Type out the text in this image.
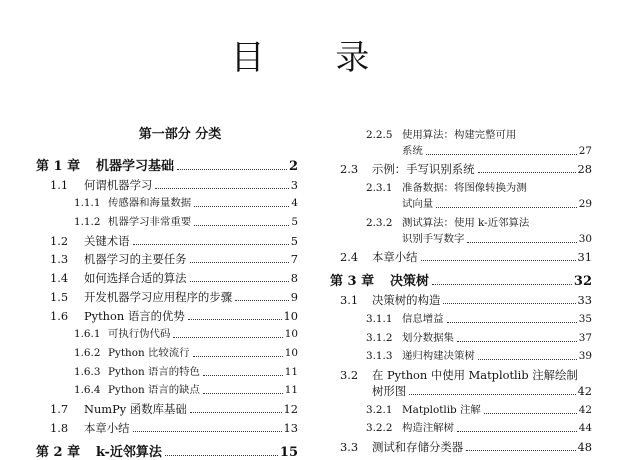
目 录
第一部分 分类
第 1 章	机器学习基础	2
1.1	何谓机器学习	3
1.1.1 传感器和海量数据	4
1.1.2 机器学习非常重要	5
1.2	关键术语	5
1.3	机器学习的主要任务	7
1.4	如何选择合适的算法	8
1.5	开发机器学习应用程序的步骤	9
1.6	Python 语言的优势	10
1.6.1 可执行伪代码	10
1.6.2 Python 比较流行	10
1.6.3 Python 语言的特色	11
1.6.4 Python 语言的缺点	11
1.7	NumPy 函数库基础	12
1.8	本章小结	13
第 2 章	k-近邻算法	15
2.2.5 使用算法：构建完整可用
系统	27
2.3	示例：手写识别系统	28
2.3.1 准备数据：将图像转换为测
试向量	29
2.3.2 测试算法：使用 k-近邻算法
识别手写数字	30
2.4	本章小结	31
第 3 章	决策树	32
3.1	决策树的构造	33
3.1.1 信息增益	35
3.1.2 划分数据集	37
3.1.3 递归构建决策树	39
3.2	在 Python 中使用 Matplotlib 注解绘制
树形图	42
3.2.1 Matplotlib 注解	42
3.2.2 构造注解树	44
3.3	测试和存储分类器	48
